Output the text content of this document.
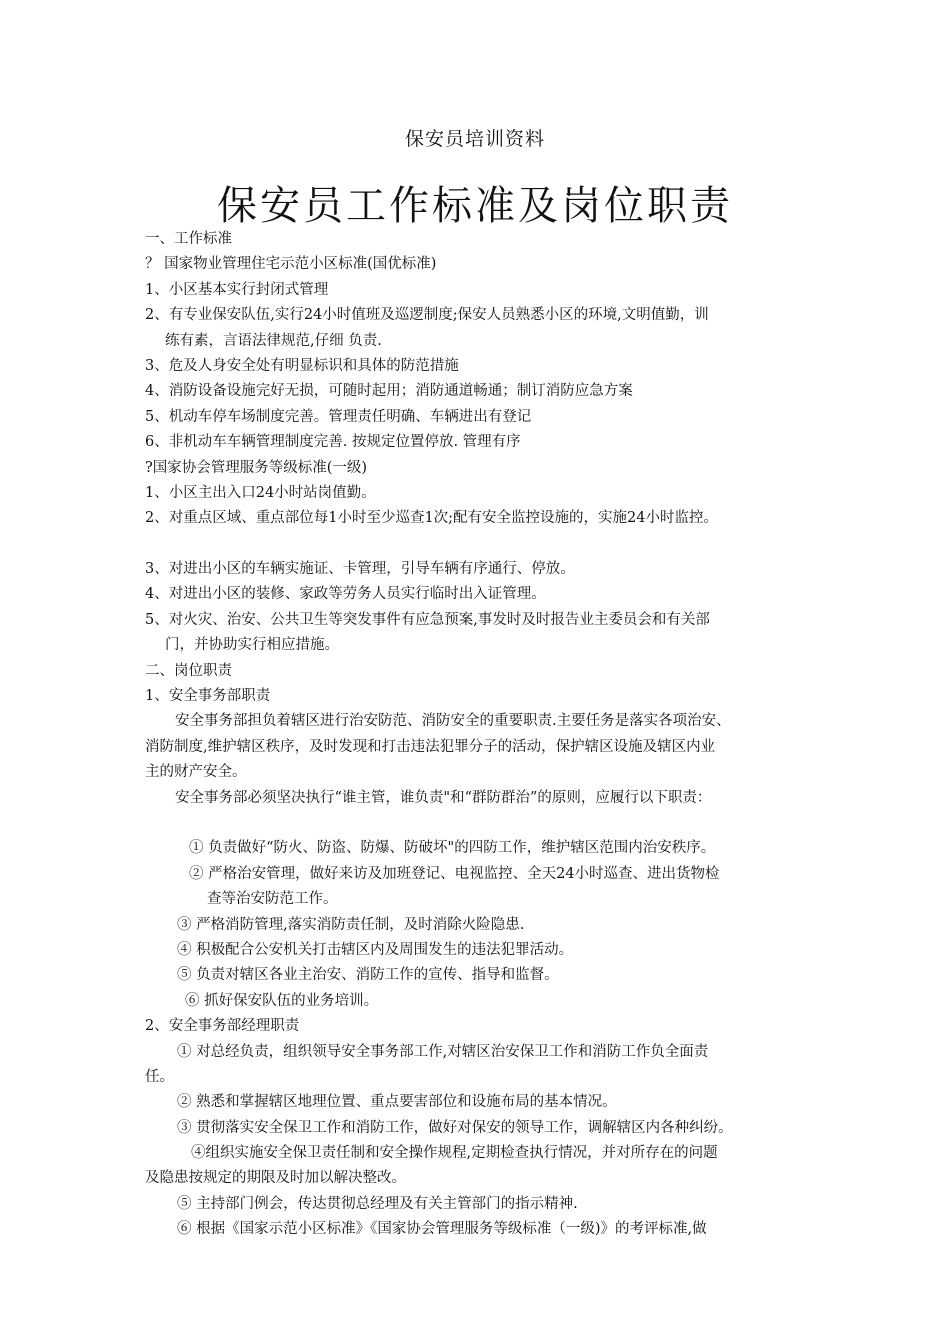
保安员培训资料
保安员工作标准及岗位职责
一、工作标准
？ 国家物业管理住宅示范小区标准(国优标准)
1、小区基本实行封闭式管理
2、有专业保安队伍,实行24小时值班及巡逻制度;保安人员熟悉小区的环境,文明值勤，训
练有素，言语法律规范,仔细 负责.
3、危及人身安全处有明显标识和具体的防范措施
4、消防设备设施完好无损，可随时起用；消防通道畅通；制订消防应急方案
5、机动车停车场制度完善。管理责任明确、车辆进出有登记
6、非机动车车辆管理制度完善. 按规定位置停放. 管理有序
?国家协会管理服务等级标准(一级)
1、小区主出入口24小时站岗值勤。
2、对重点区域、重点部位每1小时至少巡查1次;配有安全监控设施的，实施24小时监控。
3、对进出小区的车辆实施证、卡管理，引导车辆有序通行、停放。
4、对进出小区的装修、家政等劳务人员实行临时出入证管理。
5、对火灾、治安、公共卫生等突发事件有应急预案,事发时及时报告业主委员会和有关部
门，并协助实行相应措施。
二、岗位职责
1、安全事务部职责
安全事务部担负着辖区进行治安防范、消防安全的重要职责.主要任务是落实各项治安、
消防制度,维护辖区秩序，及时发现和打击违法犯罪分子的活动，保护辖区设施及辖区内业
主的财产安全。
安全事务部必须坚决执行“谁主管，谁负责"和“群防群治”的原则，应履行以下职责：
① 负责做好“防火、防盗、防爆、防破坏"的四防工作，维护辖区范围内治安秩序。
② 严格治安管理，做好来访及加班登记、电视监控、全天24小时巡查、进出货物检
查等治安防范工作。
③ 严格消防管理,落实消防责任制，及时消除火险隐患.
④ 积极配合公安机关打击辖区内及周围发生的违法犯罪活动。
⑤ 负责对辖区各业主治安、消防工作的宣传、指导和监督。
⑥ 抓好保安队伍的业务培训。
2、安全事务部经理职责
① 对总经负责，组织领导安全事务部工作,对辖区治安保卫工作和消防工作负全面责
任。
② 熟悉和掌握辖区地理位置、重点要害部位和设施布局的基本情况。
③ 贯彻落实安全保卫工作和消防工作，做好对保安的领导工作，调解辖区内各种纠纷。
④组织实施安全保卫责任制和安全操作规程,定期检查执行情况，并对所存在的问题
及隐患按规定的期限及时加以解决整改。
⑤ 主持部门例会，传达贯彻总经理及有关主管部门的指示精神.
⑥ 根据《国家示范小区标准》《国家协会管理服务等级标准（一级)》的考评标准,做
